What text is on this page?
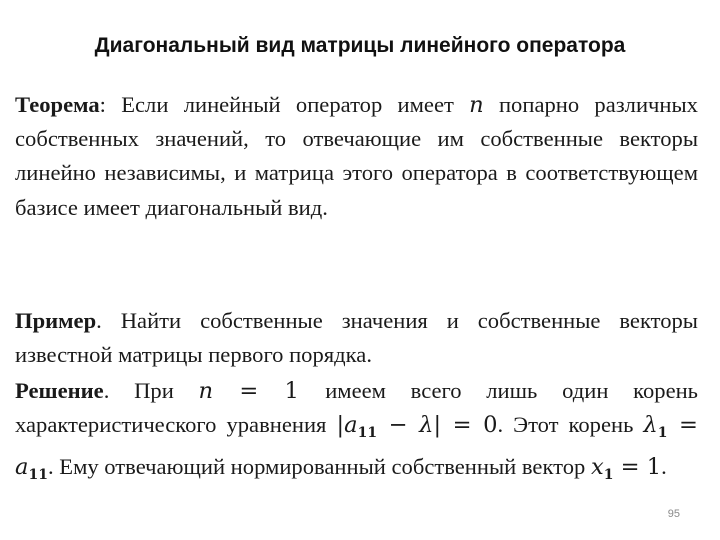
Диагональный вид матрицы линейного оператора
Теорема: Если линейный оператор имеет n попарно различных собственных значений, то отвечающие им собственные векторы линейно независимы, и матрица этого оператора в соответствующем базисе имеет диагональный вид.
Пример. Найти собственные значения и собственные векторы известной матрицы первого порядка.
Решение. При n = 1 имеем всего лишь один корень характеристического уравнения $|a_{11} - \lambda| = 0$. Этот корень $\lambda_1 = a_{11}$. Ему отвечающий нормированный собственный вектор $x_1 = 1$.
95
